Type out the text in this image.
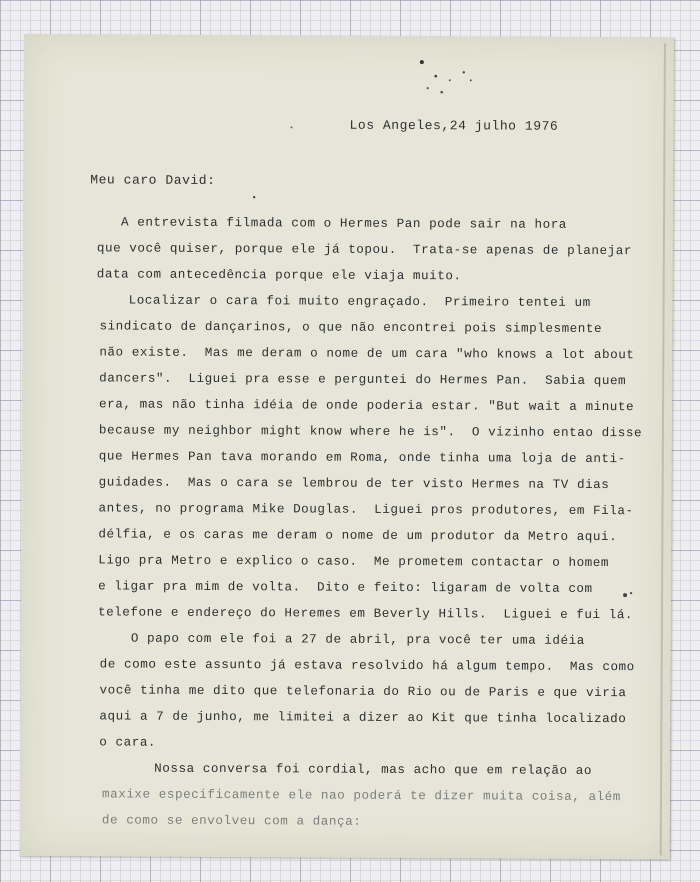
Los Angeles,24 julho 1976

Meu caro David:

A entrevista filmada com o Hermes Pan pode sair na hora

que você quiser, porque ele já topou.  Trata-se apenas de planejar

data com antecedência porque ele viaja muito.

Localizar o cara foi muito engraçado.  Primeiro tentei um

sindicato de dançarinos, o que não encontrei pois simplesmente

não existe.  Mas me deram o nome de um cara "who knows a lot about

dancers".  Liguei pra esse e perguntei do Hermes Pan.  Sabia quem

era, mas não tinha idéia de onde poderia estar. "But wait a minute

because my neighbor might know where he is".  O vizinho entao disse

que Hermes Pan tava morando em Roma, onde tinha uma loja de anti-

guidades.  Mas o cara se lembrou de ter visto Hermes na TV dias

antes, no programa Mike Douglas.  Liguei pros produtores, em Fila-

délfia, e os caras me deram o nome de um produtor da Metro aqui.

Ligo pra Metro e explico o caso.  Me prometem contactar o homem

e ligar pra mim de volta.  Dito e feito: ligaram de volta com

telefone e endereço do Heremes em Beverly Hills.  Liguei e fui lá.

O papo com ele foi a 27 de abril, pra você ter uma idéia

de como este assunto já estava resolvido há algum tempo.  Mas como

você tinha me dito que telefonaria do Rio ou de Paris e que viria

aqui a 7 de junho, me limitei a dizer ao Kit que tinha localizado

o cara.

Nossa conversa foi cordial, mas acho que em relação ao

maxixe especificamente ele nao poderá te dizer muita coisa, além

de como se envolveu com a dança:
